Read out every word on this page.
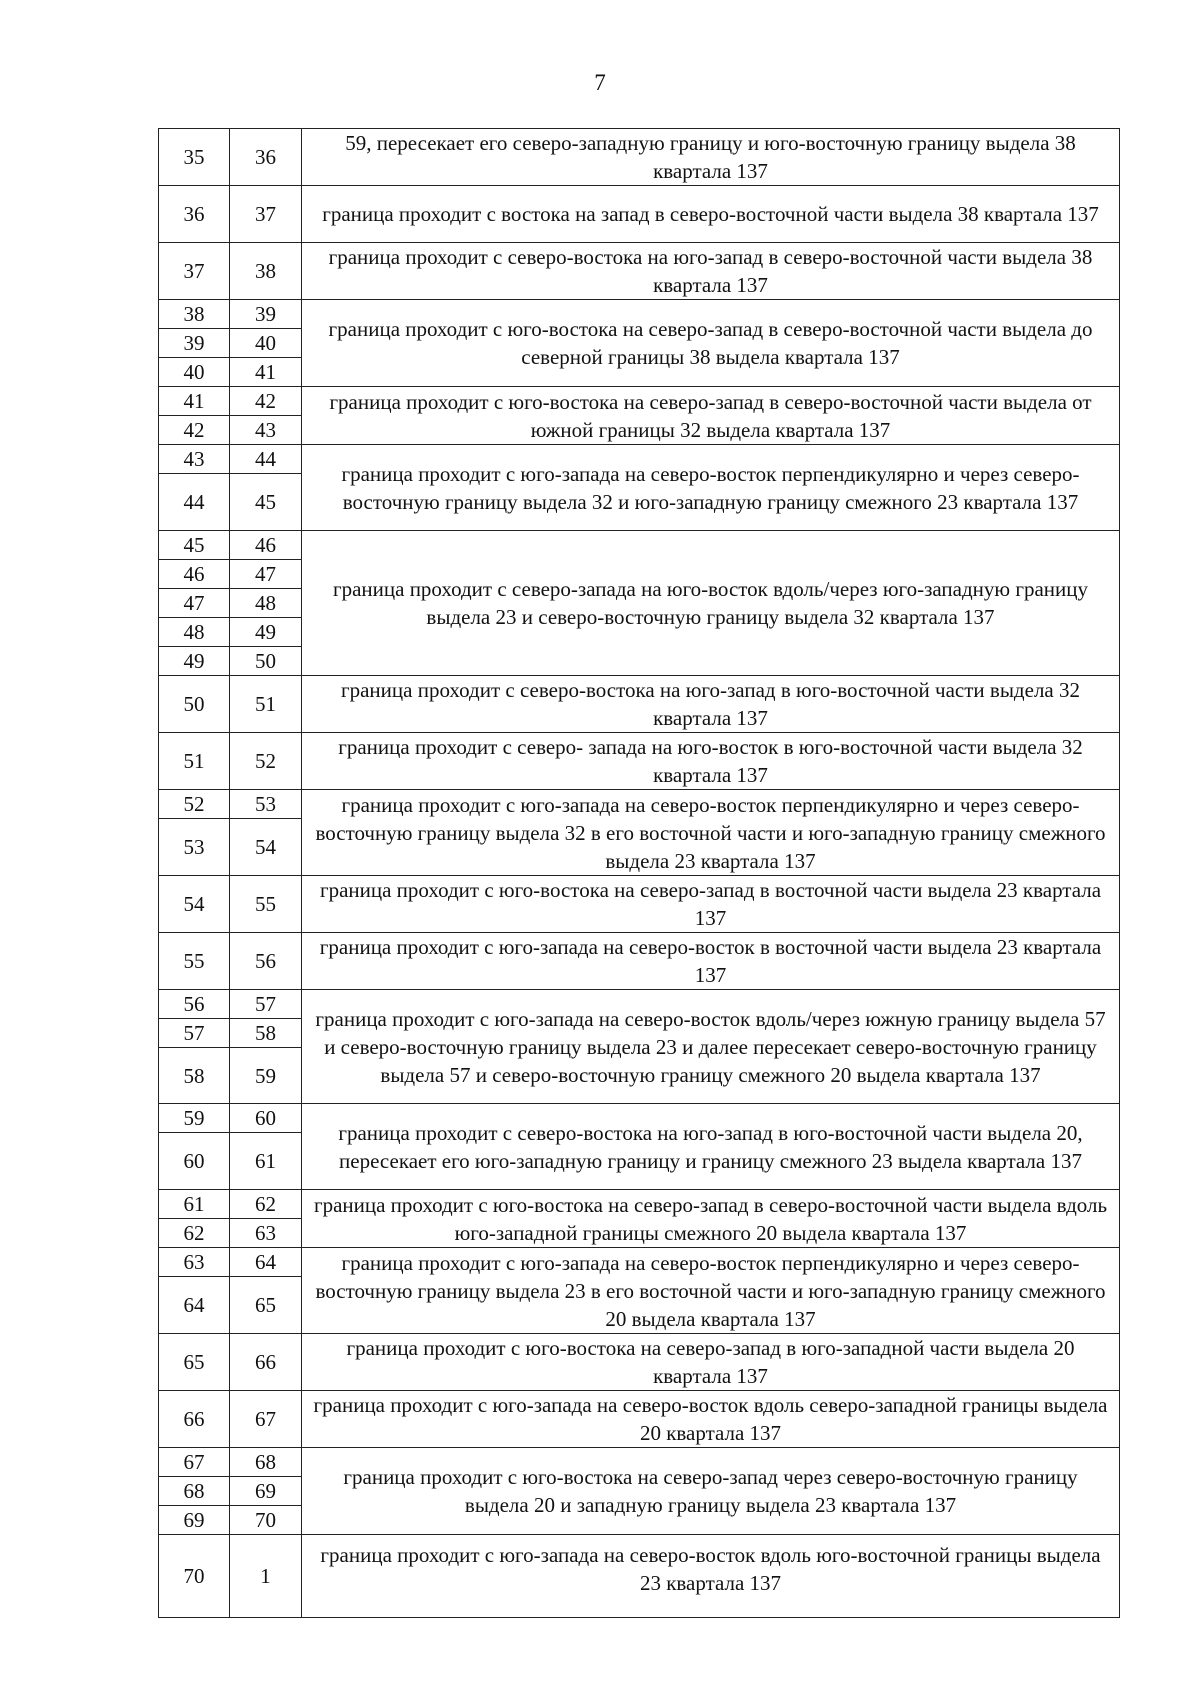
7
35	36	59, пересекает его северо-западную границу и юго-восточную границу выдела 38 квартала 137
36	37	граница проходит с востока на запад в северо-восточной части выдела 38 квартала 137
37	38	граница проходит с северо-востока на юго-запад в северо-восточной части выдела 38 квартала 137
38	39	граница проходит с юго-востока на северо-запад в северо-восточной части выдела до северной границы 38 выдела квартала 137
39	40	
40	41	
41	42	граница проходит с юго-востока на северо-запад в северо-восточной части выдела от южной границы 32 выдела квартала 137
42	43	
43	44	граница проходит с юго-запада на северо-восток перпендикулярно и через северо-восточную границу выдела 32 и юго-западную границу смежного 23 квартала 137
44	45	
45	46	граница проходит с северо-запада на юго-восток вдоль/через юго-западную границу выдела 23 и северо-восточную границу выдела 32 квартала 137
46	47	
47	48	
48	49	
49	50	
50	51	граница проходит с северо-востока на юго-запад в юго-восточной части выдела 32 квартала 137
51	52	граница проходит с северо- запада на юго-восток в юго-восточной части выдела 32 квартала 137
52	53	граница проходит с юго-запада на северо-восток перпендикулярно и через северо-восточную границу выдела 32 в его восточной части и юго-западную границу смежного выдела 23 квартала 137
53	54	
54	55	граница проходит с юго-востока на северо-запад в восточной части выдела 23 квартала 137
55	56	граница проходит с юго-запада на северо-восток в восточной части выдела 23 квартала 137
56	57	граница проходит с юго-запада на северо-восток вдоль/через южную границу выдела 57 и северо-восточную границу выдела 23 и далее пересекает северо-восточную границу выдела 57 и северо-восточную границу смежного 20 выдела квартала 137
57	58	
58	59	
59	60	граница проходит с северо-востока на юго-запад в юго-восточной части выдела 20, пересекает его юго-западную границу и границу смежного 23 выдела квартала 137
60	61	
61	62	граница проходит с юго-востока на северо-запад в северо-восточной части выдела вдоль юго-западной границы смежного 20 выдела квартала 137
62	63	
63	64	граница проходит с юго-запада на северо-восток перпендикулярно и через северо-восточную границу выдела 23 в его восточной части и юго-западную границу смежного 20 выдела квартала 137
64	65	
65	66	граница проходит с юго-востока на северо-запад в юго-западной части выдела 20 квартала 137
66	67	граница проходит с юго-запада на северо-восток вдоль северо-западной границы выдела 20 квартала 137
67	68	граница проходит с юго-востока на северо-запад через северо-восточную границу выдела 20 и западную границу выдела 23 квартала 137
68	69	
69	70	
70	1	граница проходит с юго-запада на северо-восток вдоль юго-восточной границы выдела 23 квартала 137
